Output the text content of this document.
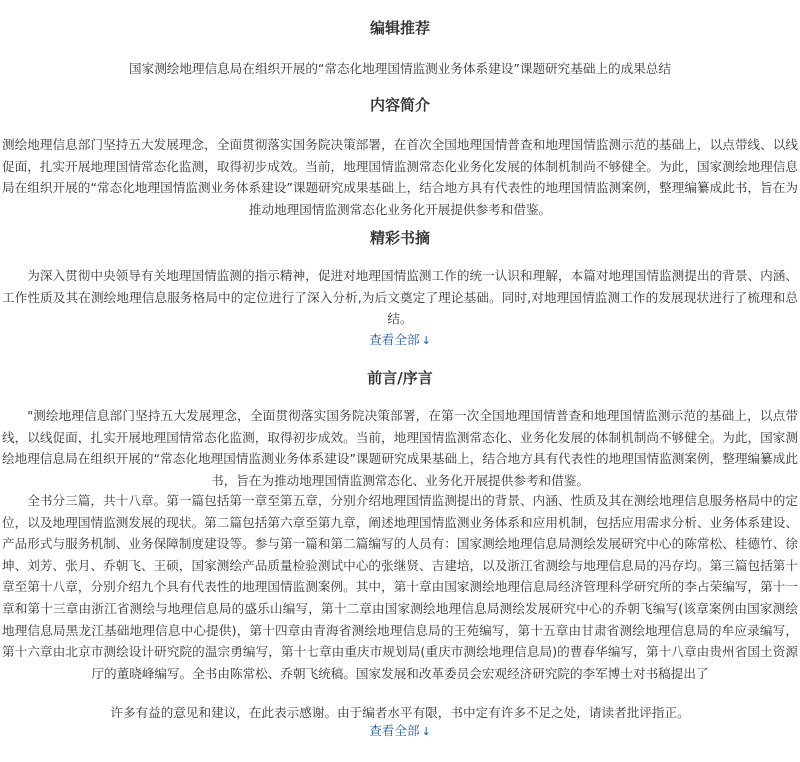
编辑推荐
国家测绘地理信息局在组织开展的“常态化地理国情监测业务体系建设”课题研究基础上的成果总结
内容简介
测绘地理信息部门坚持五大发展理念，全面贯彻落实国务院决策部署，在首次全国地理国情普查和地理国情监测示范的基础上，以点带线、以线促面，扎实开展地理国情常态化监测，取得初步成效。当前，地理国情监测常态化业务化发展的体制机制尚不够健全。为此，国家测绘地理信息局在组织开展的“常态化地理国情监测业务体系建设”课题研究成果基础上，结合地方具有代表性的地理国情监测案例，整理编纂成此书，旨在为推动地理国情监测常态化业务化开展提供参考和借鉴。
精彩书摘
为深入贯彻中央领导有关地理国情监测的指示精神，促进对地理国情监测工作的统一认识和理解，本篇对地理国情监测提出的背景、内涵、工作性质及其在测绘地理信息服务格局中的定位进行了深入分析,为后文奠定了理论基础。同时,对地理国情监测工作的发展现状进行了梳理和总结。
查看全部 ↓
前言/序言
"测绘地理信息部门坚持五大发展理念，全面贯彻落实国务院决策部署，在第一次全国地理国情普查和地理国情监测示范的基础上，以点带线，以线促面，扎实开展地理国情常态化监测，取得初步成效。当前，地理国情监测常态化、业务化发展的体制机制尚不够健全。为此，国家测绘地理信息局在组织开展的“常态化地理国情监测业务体系建设”课题研究成果基础上，结合地方具有代表性的地理国情监测案例，整理编纂成此书，旨在为推动地理国情监测常态化、业务化开展提供参考和借鉴。
全书分三篇，共十八章。第一篇包括第一章至第五章，分别介绍地理国情监测提出的背景、内涵、性质及其在测绘地理信息服务格局中的定位，以及地理国情监测发展的现状。第二篇包括第六章至第九章，阐述地理国情监测业务体系和应用机制，包括应用需求分析、业务体系建设、产品形式与服务机制、业务保障制度建设等。参与第一篇和第二篇编写的人员有：国家测绘地理信息局测绘发展研究中心的陈常松、桂德竹、徐坤、刘芳、张月、乔朝飞、王硕，国家测绘产品质量检验测试中心的张继贤、吉建培，以及浙江省测绘与地理信息局的冯存均。第三篇包括第十章至第十八章，分别介绍九个具有代表性的地理国情监测案例。其中，第十章由国家测绘地理信息局经济管理科学研究所的李占荣编写，第十一章和第十三章由浙江省测绘与地理信息局的盛乐山编写，第十二章由国家测绘地理信息局测绘发展研究中心的乔朝飞编写(该章案例由国家测绘地理信息局黑龙江基础地理信息中心提供)，第十四章由青海省测绘地理信息局的王苑编写，第十五章由甘肃省测绘地理信息局的牟应录编写，第十六章由北京市测绘设计研究院的温宗勇编写，第十七章由重庆市规划局(重庆市测绘地理信息局)的曹春华编写，第十八章由贵州省国土资源厅的董晓峰编写。全书由陈常松、乔朝飞统稿。国家发展和改革委员会宏观经济研究院的李军博士对书稿提出了
许多有益的意见和建议，在此表示感谢。由于编者水平有限，书中定有许多不足之处，请读者批评指正。
查看全部 ↓
